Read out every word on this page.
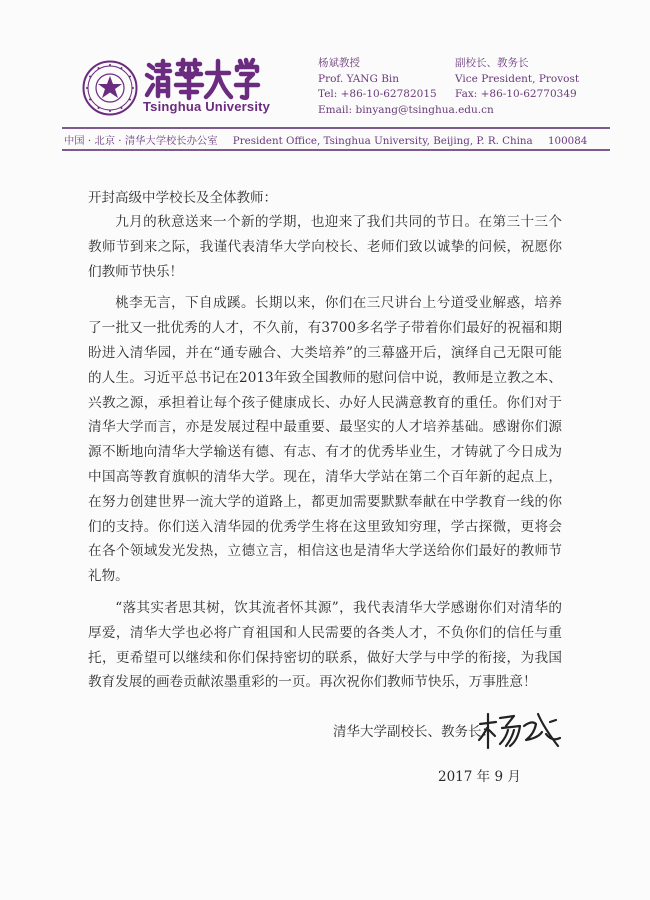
Tsinghua University
杨斌教授
Prof. YANG Bin
Tel: +86-10-62782015
Email: binyang@tsinghua.edu.cn
副校长、教务长
Vice President, Provost
Fax: +86-10-62770349
中国 · 北京 · 清华大学校长办公室 President Office, Tsinghua University, Beijing, P. R. China 100084
开封高级中学校长及全体教师：

九月的秋意送来一个新的学期，也迎来了我们共同的节日。在第三十三个教师节到来之际，我谨代表清华大学向校长、老师们致以诚挚的问候，祝愿你们教师节快乐！

桃李无言，下自成蹊。长期以来，你们在三尺讲台上兮道受业解惑，培养了一批又一批优秀的人才，不久前，有3700多名学子带着你们最好的祝福和期盼进入清华园，并在“通专融合、大类培养”的三幕盛开后，演绎自己无限可能的人生。习近平总书记在2013年致全国教师的慰问信中说，教师是立教之本、兴教之源，承担着让每个孩子健康成长、办好人民满意教育的重任。你们对于清华大学而言，亦是发展过程中最重要、最坚实的人才培养基础。感谢你们源源不断地向清华大学输送有德、有志、有才的优秀毕业生，才铸就了今日成为中国高等教育旗帜的清华大学。现在，清华大学站在第二个百年新的起点上，在努力创建世界一流大学的道路上，都更加需要默默奉献在中学教育一线的你们的支持。你们送入清华园的优秀学生将在这里致知穷理，学古探微，更将会在各个领域发光发热，立德立言，相信这也是清华大学送给你们最好的教师节礼物。

“落其实者思其树，饮其流者怀其源”，我代表清华大学感谢你们对清华的厚爱，清华大学也必将广育祖国和人民需要的各类人才，不负你们的信任与重托，更希望可以继续和你们保持密切的联系，做好大学与中学的衔接，为我国教育发展的画卷贡献浓墨重彩的一页。再次祝你们教师节快乐，万事胜意！

清华大学副校长、教务长：
2017 年 9 月
